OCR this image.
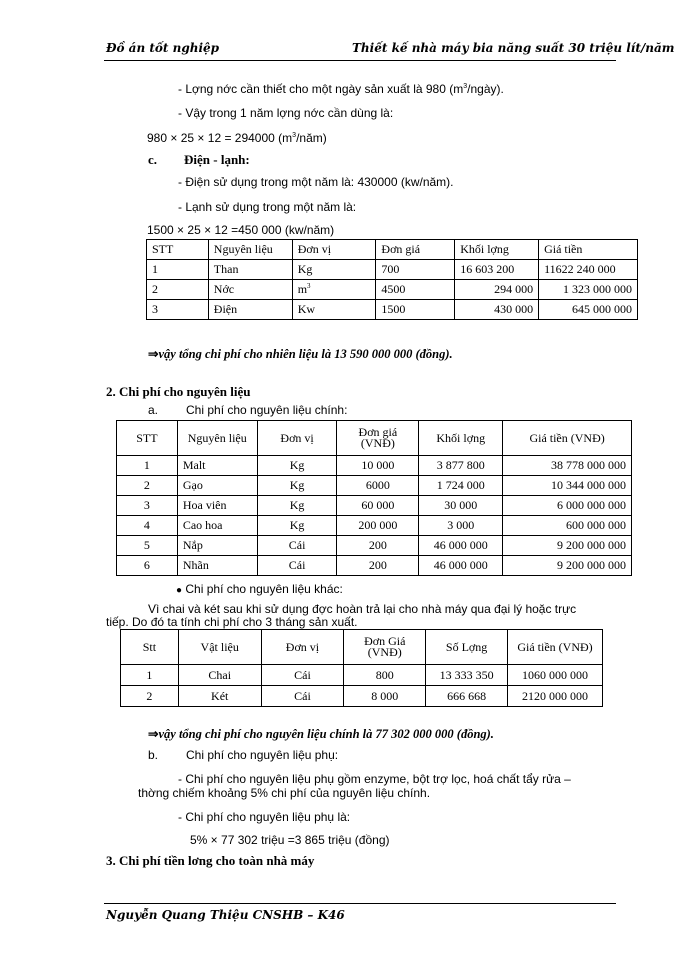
Đồ án tốt nghiệp	Thiết kế nhà máy bia năng suất 30 triệu lít/năm
- Lợng nớc cần thiết cho một ngày sản xuất là 980 $(m^3/ngày)$.
- Vậy trong 1 năm lợng nớc cần dùng là:
980 × 25 × 12 = 294000 $(m^3/năm)$
c. Điện - lạnh:
- Điện sử dụng trong một năm là: 430000 (kw/năm).
- Lạnh sử dụng trong một năm là:
1500 × 25 × 12 =450 000 (kw/năm)
STT	Nguyên liệu	Đơn vị	Đơn giá	Khối lợng	Giá tiền
1	Than	Kg	700	16 603 200	11622 240 000
2	Nớc	$m^3$	4500	294 000	1 323 000 000
3	Điện	Kw	1500	430 000	645 000 000
⇒vậy tổng chi phí cho nhiên liệu là 13 590 000 000 (đồng).
2. Chi phí cho nguyên liệu
a. Chi phí cho nguyên liệu chính:
STT	Nguyên liệu	Đơn vị	Đơn giá (VNĐ)	Khối lợng	Giá tiền (VNĐ)
1	Malt	Kg	10 000	3 877 800	38 778 000 000
2	Gạo	Kg	6000	1 724 000	10 344 000 000
3	Hoa viên	Kg	60 000	30 000	6 000 000 000
4	Cao hoa	Kg	200 000	3 000	600 000 000
5	Nắp	Cái	200	46 000 000	9 200 000 000
6	Nhãn	Cái	200	46 000 000	9 200 000 000
● Chi phí cho nguyên liệu khác:
Vì chai và két sau khi sử dụng đợc hoàn trả lại cho nhà máy qua đại lý hoặc trực
tiếp. Do đó ta tính chi phí cho 3 tháng sản xuất.
Stt	Vật liệu	Đơn vị	Đơn Giá (VNĐ)	Số Lợng	Giá tiền (VNĐ)
1	Chai	Cái	800	13 333 350	1060 000 000
2	Két	Cái	8 000	666 668	2120 000 000
⇒vậy tổng chi phí cho nguyên liệu chính là 77 302 000 000 (đồng).
b. Chi phí cho nguyên liệu phụ:
- Chi phí cho nguyên liệu phụ gồm enzyme, bột trợ lọc, hoá chất tẩy rửa –
thờng chiếm khoảng 5% chi phí của nguyên liệu chính.
- Chi phí cho nguyên liệu phụ là:
5% × 77 302 triệu =3 865 triệu (đồng)
3. Chi phí tiền lơng cho toàn nhà máy
Nguyễn Quang Thiệu CNSHB – K46
